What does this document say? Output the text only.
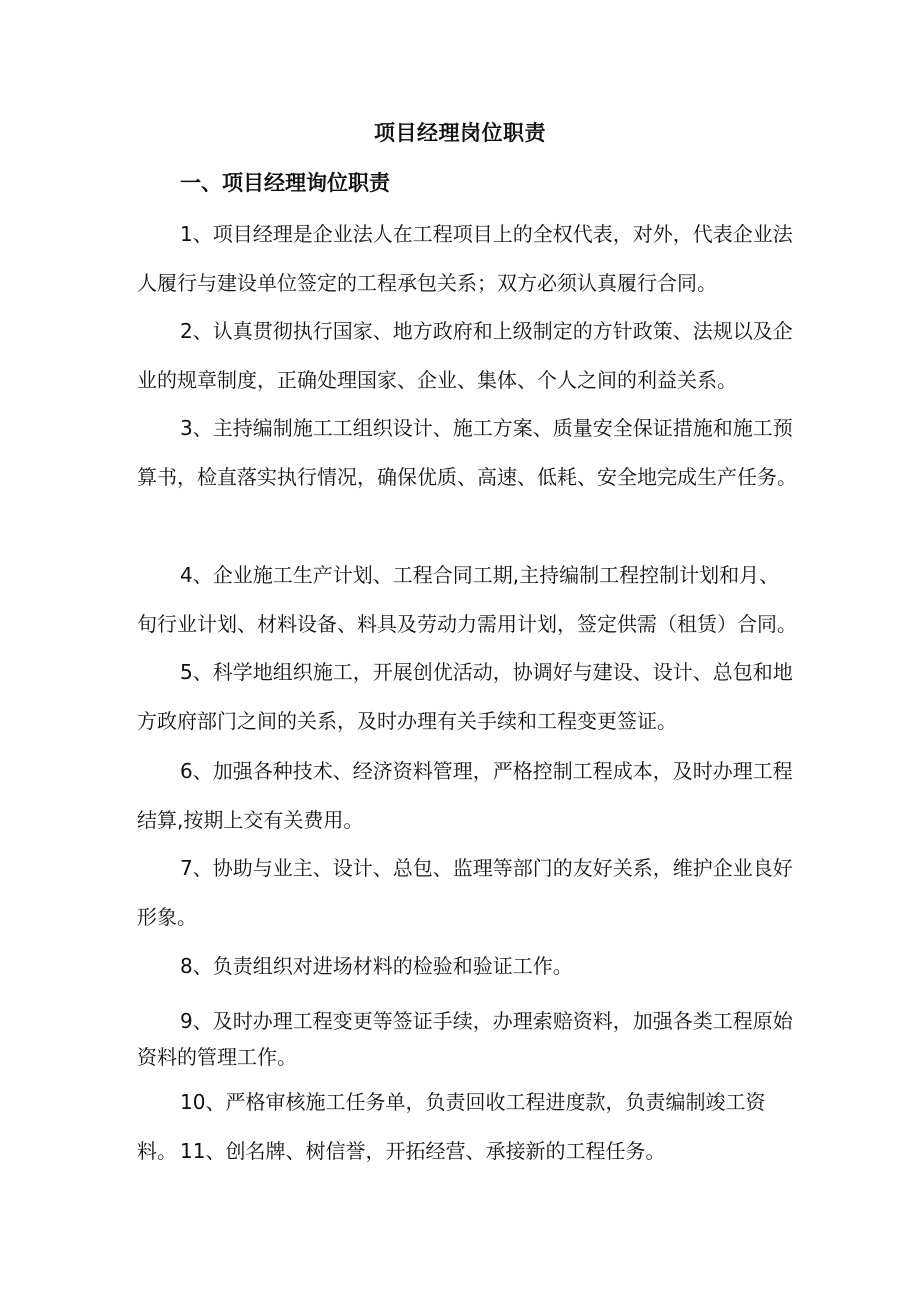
项目经理岗位职责
一、项目经理询位职责

1、项目经理是企业法人在工程项目上的全权代表，对外，代表企业法人履行与建设单位签定的工程承包关系；双方必须认真履行合同。

2、认真贯彻执行国家、地方政府和上级制定的方针政策、法规以及企业的规章制度，正确处理国家、企业、集体、个人之间的利益关系。

3、主持编制施工工组织设计、施工方案、质量安全保证措施和施工预算书，检直落实执行情况，确保优质、高速、低耗、安全地完成生产任务。

4、企业施工生产计划、工程合同工期,主持编制工程控制计划和月、旬行业计划、材料设备、料具及劳动力需用计划，签定供需（租赁）合同。

5、科学地组织施工，开展创优活动，协调好与建设、设计、总包和地方政府部门之间的关系，及时办理有关手续和工程变更签证。

6、加强各种技术、经济资料管理，严格控制工程成本，及时办理工程结算,按期上交有关费用。

7、协助与业主、设计、总包、监理等部门的友好关系，维护企业良好形象。

8、负责组织对进场材料的检验和验证工作。

9、及时办理工程变更等签证手续，办理索赔资料，加强各类工程原始资料的管理工作。

10、严格审核施工任务单，负责回收工程进度款，负责编制竣工资料。 11、创名牌、树信誉，开拓经营、承接新的工程任务。
